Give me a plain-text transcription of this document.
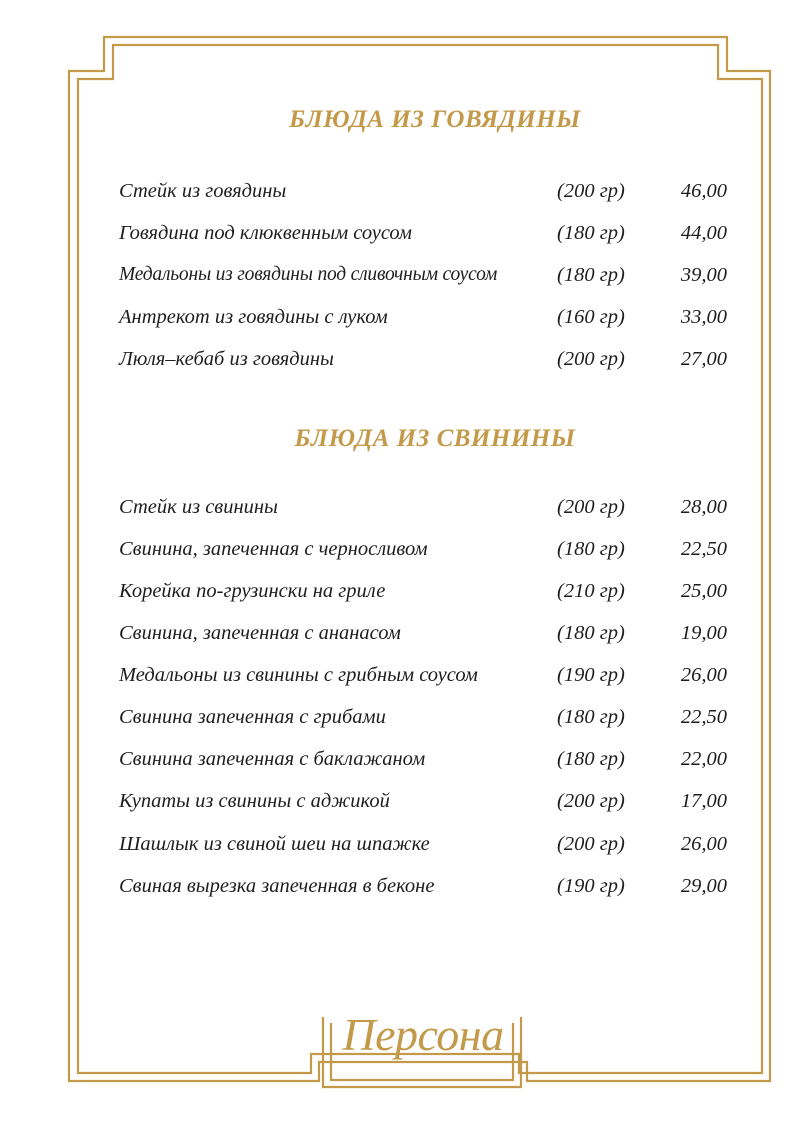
БЛЮДА ИЗ ГОВЯДИНЫ
Стейк из говядины	(200 гр)	46,00
Говядина под клюквенным соусом	(180 гр)	44,00
Медальоны из говядины под сливочным соусом	(180 гр)	39,00
Антрекот из говядины с луком	(160 гр)	33,00
Люля–кебаб из говядины	(200 гр)	27,00
БЛЮДА ИЗ СВИНИНЫ
Стейк из свинины	(200 гр)	28,00
Свинина, запеченная с черносливом	(180 гр)	22,50
Корейка по-грузински на гриле	(210 гр)	25,00
Свинина, запеченная с ананасом	(180 гр)	19,00
Медальоны из свинины с грибным соусом	(190 гр)	26,00
Свинина запеченная с грибами	(180 гр)	22,50
Свинина запеченная с баклажаном	(180 гр)	22,00
Купаты из свинины с аджикой	(200 гр)	17,00
Шашлык из свиной шеи на шпажке	(200 гр)	26,00
Свиная вырезка запеченная в беконе	(190 гр)	29,00
Персона
